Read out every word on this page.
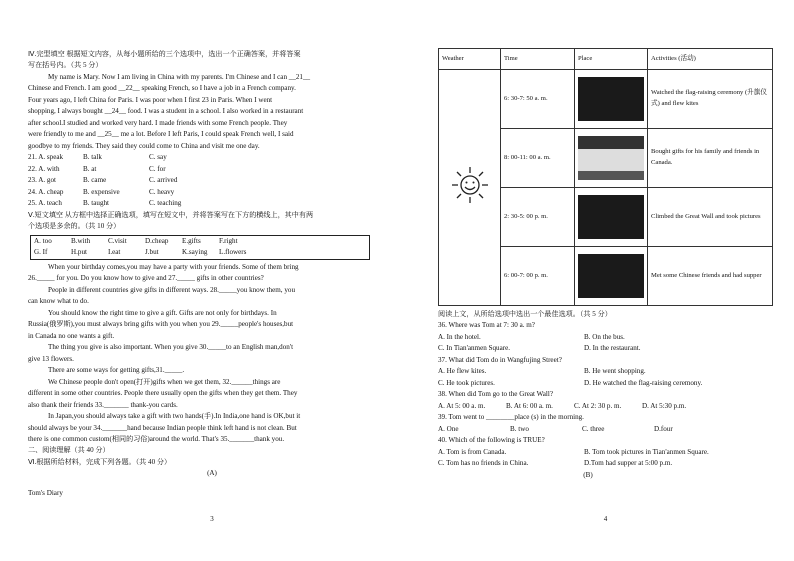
Ⅳ.完型填空 根据短文内容，从每小题所给的三个选项中，选出一个正确答案，并将答案
写在括号内。（共 5 分）
My name is Mary. Now I am living in China with my parents. I'm Chinese and I can __21__
Chinese and French. I am good __22__ speaking French, so I have a job in a French company.
Four years ago, I left China for Paris. I was poor when I first 23 in Paris. When I went
shopping, I always bought __24__ food. I was a student in a school. I also worked in a restaurant
after school.I studied and worked very hard. I made friends with some French people. They
were friendly to me and __25__ me a lot. Before I left Paris, I could speak French well, I said
goodbye to my friends. They said they could come to China and visit me one day.
21. A. speak	B. talk	C. say
22. A. with	B. at	C. for
23. A. got	B. came	C. arrived
24. A. cheap	B. expensive	C. heavy
25. A. teach	B. taught	C. teaching
Ⅴ.短文填空 从方框中选择正确选项，填写在短文中，并将答案写在下方的横线上，其中有两
个选项是多余的。（共 10 分）
A. too	B.with	C.visit	D.cheap	E.gifts	F.right
G. If	H.put	I.eat	J.but	K.saying	L.flowers
When your birthday comes,you may have a party with your friends. Some of them bring
26._____ for you. Do you know how to give and 27._____ gifts in other countries?
People in different countries give gifts in different ways. 28._____you know them, you
can know what to do.
You should know the right time to give a gift. Gifts are not only for birthdays. In
Russia(俄罗斯),you must always bring gifts with you when you 29._____people's houses,but
in Canada no one wants a gift.
The thing you give is also important. When you give 30._____to an English man,don't
give 13 flowers.
There are some ways for getting gifts,31._____.
We Chinese people don't open(打开)gifts when we get them, 32.______things are
different in some other countries. People there usually open the gifts when they get them. They
also thank their friends 33._______ thank-you cards.
In Japan,you should always take a gift with two hands(手).In India,one hand is OK,but it
should always be your 34._______hand because Indian people think left hand is not clean. But
there is one common custom(相同的习俗)around the world. That's 35._______thank you.
二、阅读理解（共 40 分）
Ⅵ.根据所给材料，完成下列各题。（共 40 分）
(A)
Tom's Diary
3
Weather	Time	Place	Activities (活动)
	6: 30-7: 50 a. m.		Watched the flag-raising ceremony (升旗仪式) and flew kites
	8: 00-11: 00 a. m.		Bought gifts for his family and friends in Canada.
	2: 30-5: 00 p. m.		Climbed the Great Wall and took pictures
	6: 00-7: 00 p. m.		Met some Chinese friends and had supper
阅读上文，从所给选项中选出一个最佳选项。（共 5 分）
36. Where was Tom at 7: 30 a. m?
A. In the hotel.	B. On the bus.
C. In Tian'anmen Square.	D. In the restaurant.
37. What did Tom do in Wangfujing Street?
A. He flew kites.	B. He went shopping.
C. He took pictures.	D. He watched the flag-raising ceremony.
38. When did Tom go to the Great Wall?
A. At 5: 00 a. m.	B. At 6: 00 a. m.	C. At 2: 30 p. m.	D. At 5:30 p.m.
39. Tom went to ________place (s) in the morning.
A. One	B. two	C. three	D.four
40. Which of the following is TRUE?
A. Tom is from Canada.	B. Tom took pictures in Tian'anmen Square.
C. Tom has no friends in China.	D.Tom had supper at 5:00 p.m.
(B)
4
